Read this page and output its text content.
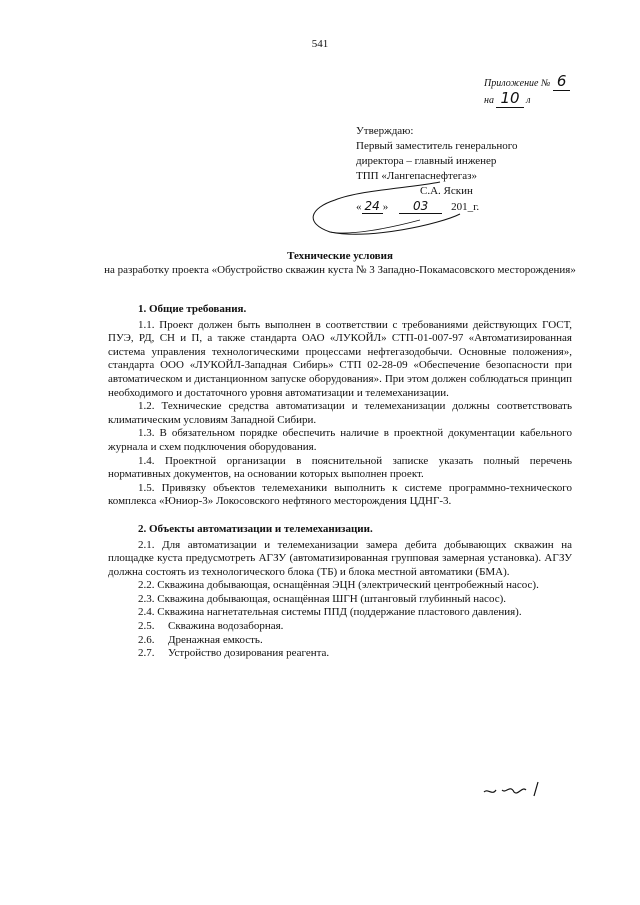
541
Приложение № 6
на 10 л
Утверждаю:
Первый заместитель генерального
директора – главный инженер
ТПП «Лангепаснефтегаз»
С.А. Яскин
« 24 » 03 201_г.
Технические условия
на разработку проекта «Обустройство скважин куста № 3 Западно-Покамасовского месторождения»
1. Общие требования.

1.1. Проект должен быть выполнен в соответствии с требованиями действующих ГОСТ, ПУЭ, РД, СН и П, а также стандарта ОАО «ЛУКОЙЛ» СТП-01-007-97 «Автоматизированная система управления технологическими процессами нефтегазодобычи. Основные положения», стандарта ООО «ЛУКОЙЛ-Западная Сибирь» СТП 02-28-09 «Обеспечение безопасности при автоматическом и дистанционном запуске оборудования». При этом должен соблюдаться принцип необходимого и достаточного уровня автоматизации и телемеханизации.

1.2. Технические средства автоматизации и телемеханизации должны соответствовать климатическим условиям Западной Сибири.

1.3. В обязательном порядке обеспечить наличие в проектной документации кабельного журнала и схем подключения оборудования.

1.4. Проектной организации в пояснительной записке указать полный перечень нормативных документов, на основании которых выполнен проект.

1.5. Привязку объектов телемеханики выполнить к системе программно-технического комплекса «Юниор-3» Локосовского нефтяного месторождения ЦДНГ-3.

2. Объекты автоматизации и телемеханизации.

2.1. Для автоматизации и телемеханизации замера дебита добывающих скважин на площадке куста предусмотреть АГЗУ (автоматизированная групповая замерная установка). АГЗУ должна состоять из технологического блока (ТБ) и блока местной автоматики (БМА).

2.2. Скважина добывающая, оснащённая ЭЦН (электрический центробежный насос).

2.3. Скважина добывающая, оснащённая ШГН (штанговый глубинный насос).

2.4. Скважина нагнетательная системы ППД (поддержание пластового давления).

2.5.	Скважина водозаборная.
2.6.	Дренажная емкость.
2.7.	Устройство дозирования реагента.
